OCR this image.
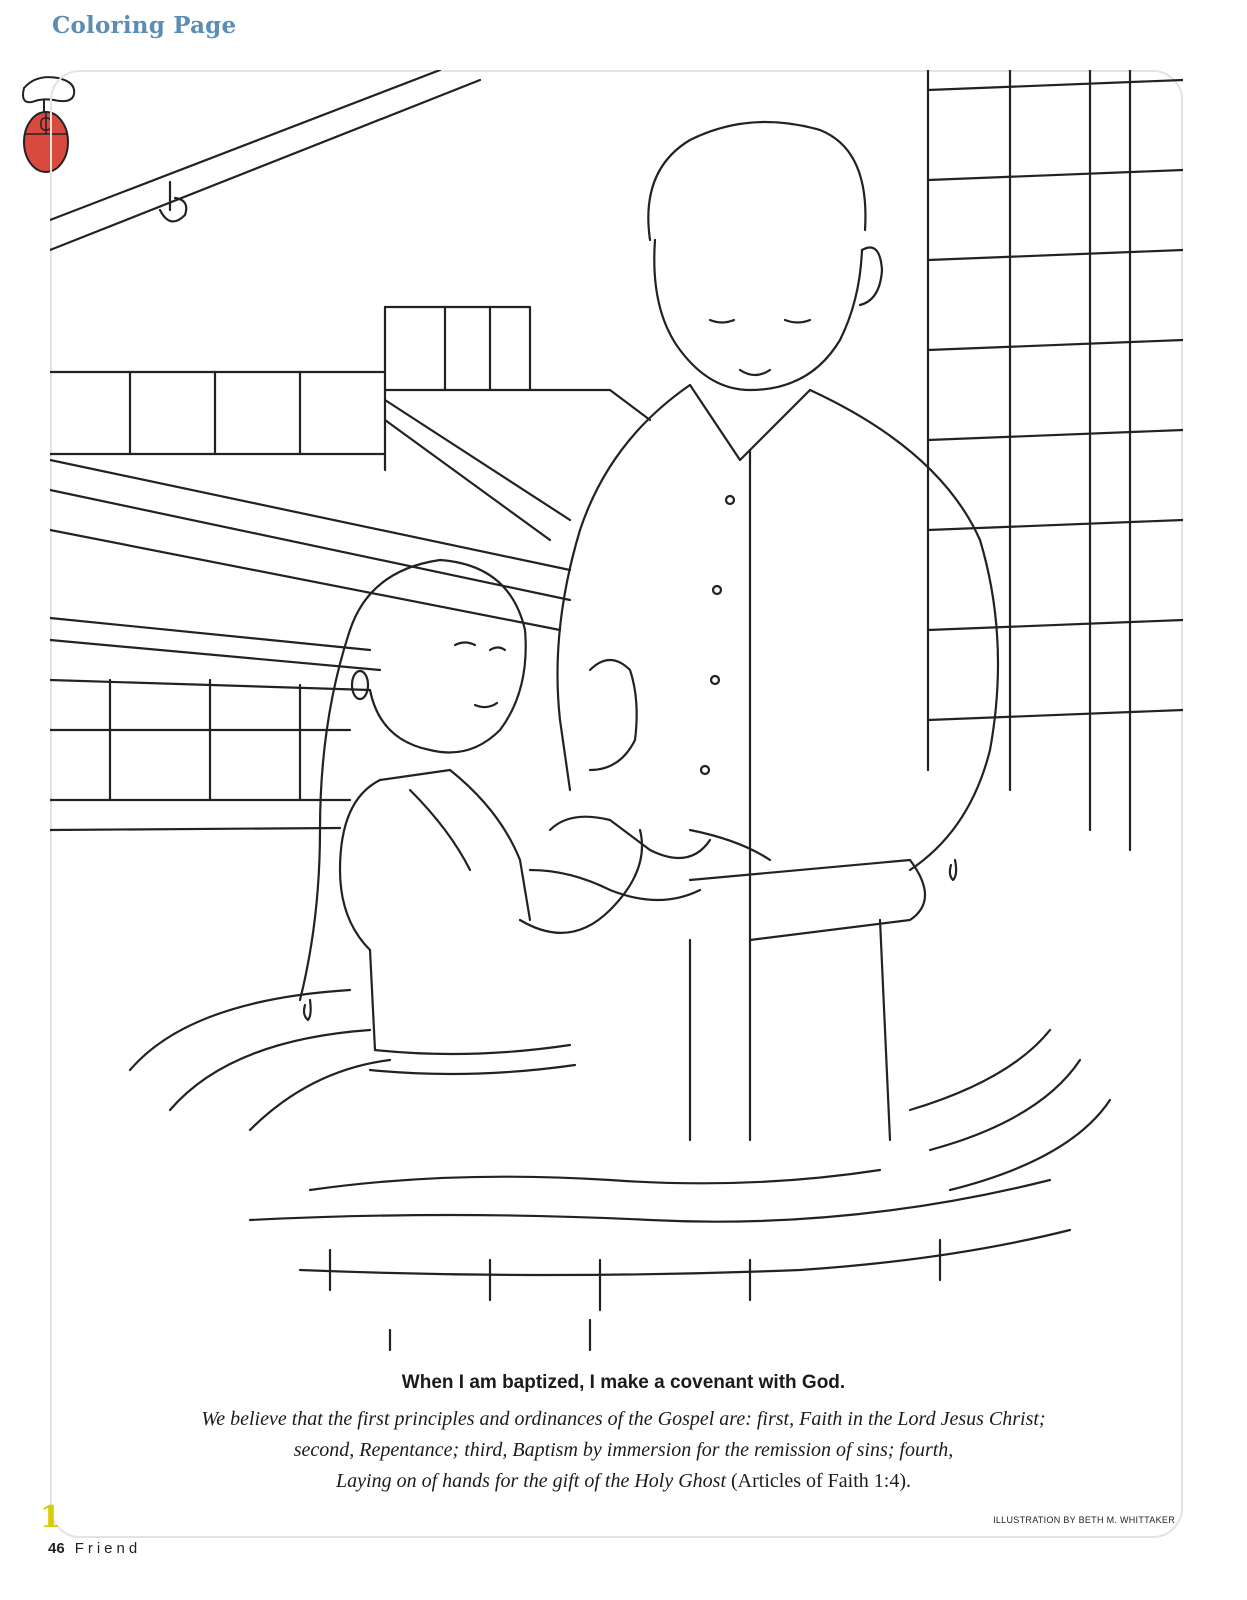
Coloring Page
When I am baptized, I make a covenant with God.

We believe that the first principles and ordinances of the Gospel are: first, Faith in the Lord Jesus Christ;

second, Repentance; third, Baptism by immersion for the remission of sins; fourth,

Laying on of hands for the gift of the Holy Ghost (Articles of Faith 1:4).

ILLUSTRATION BY BETH M. WHITTAKER
1
46 Friend
